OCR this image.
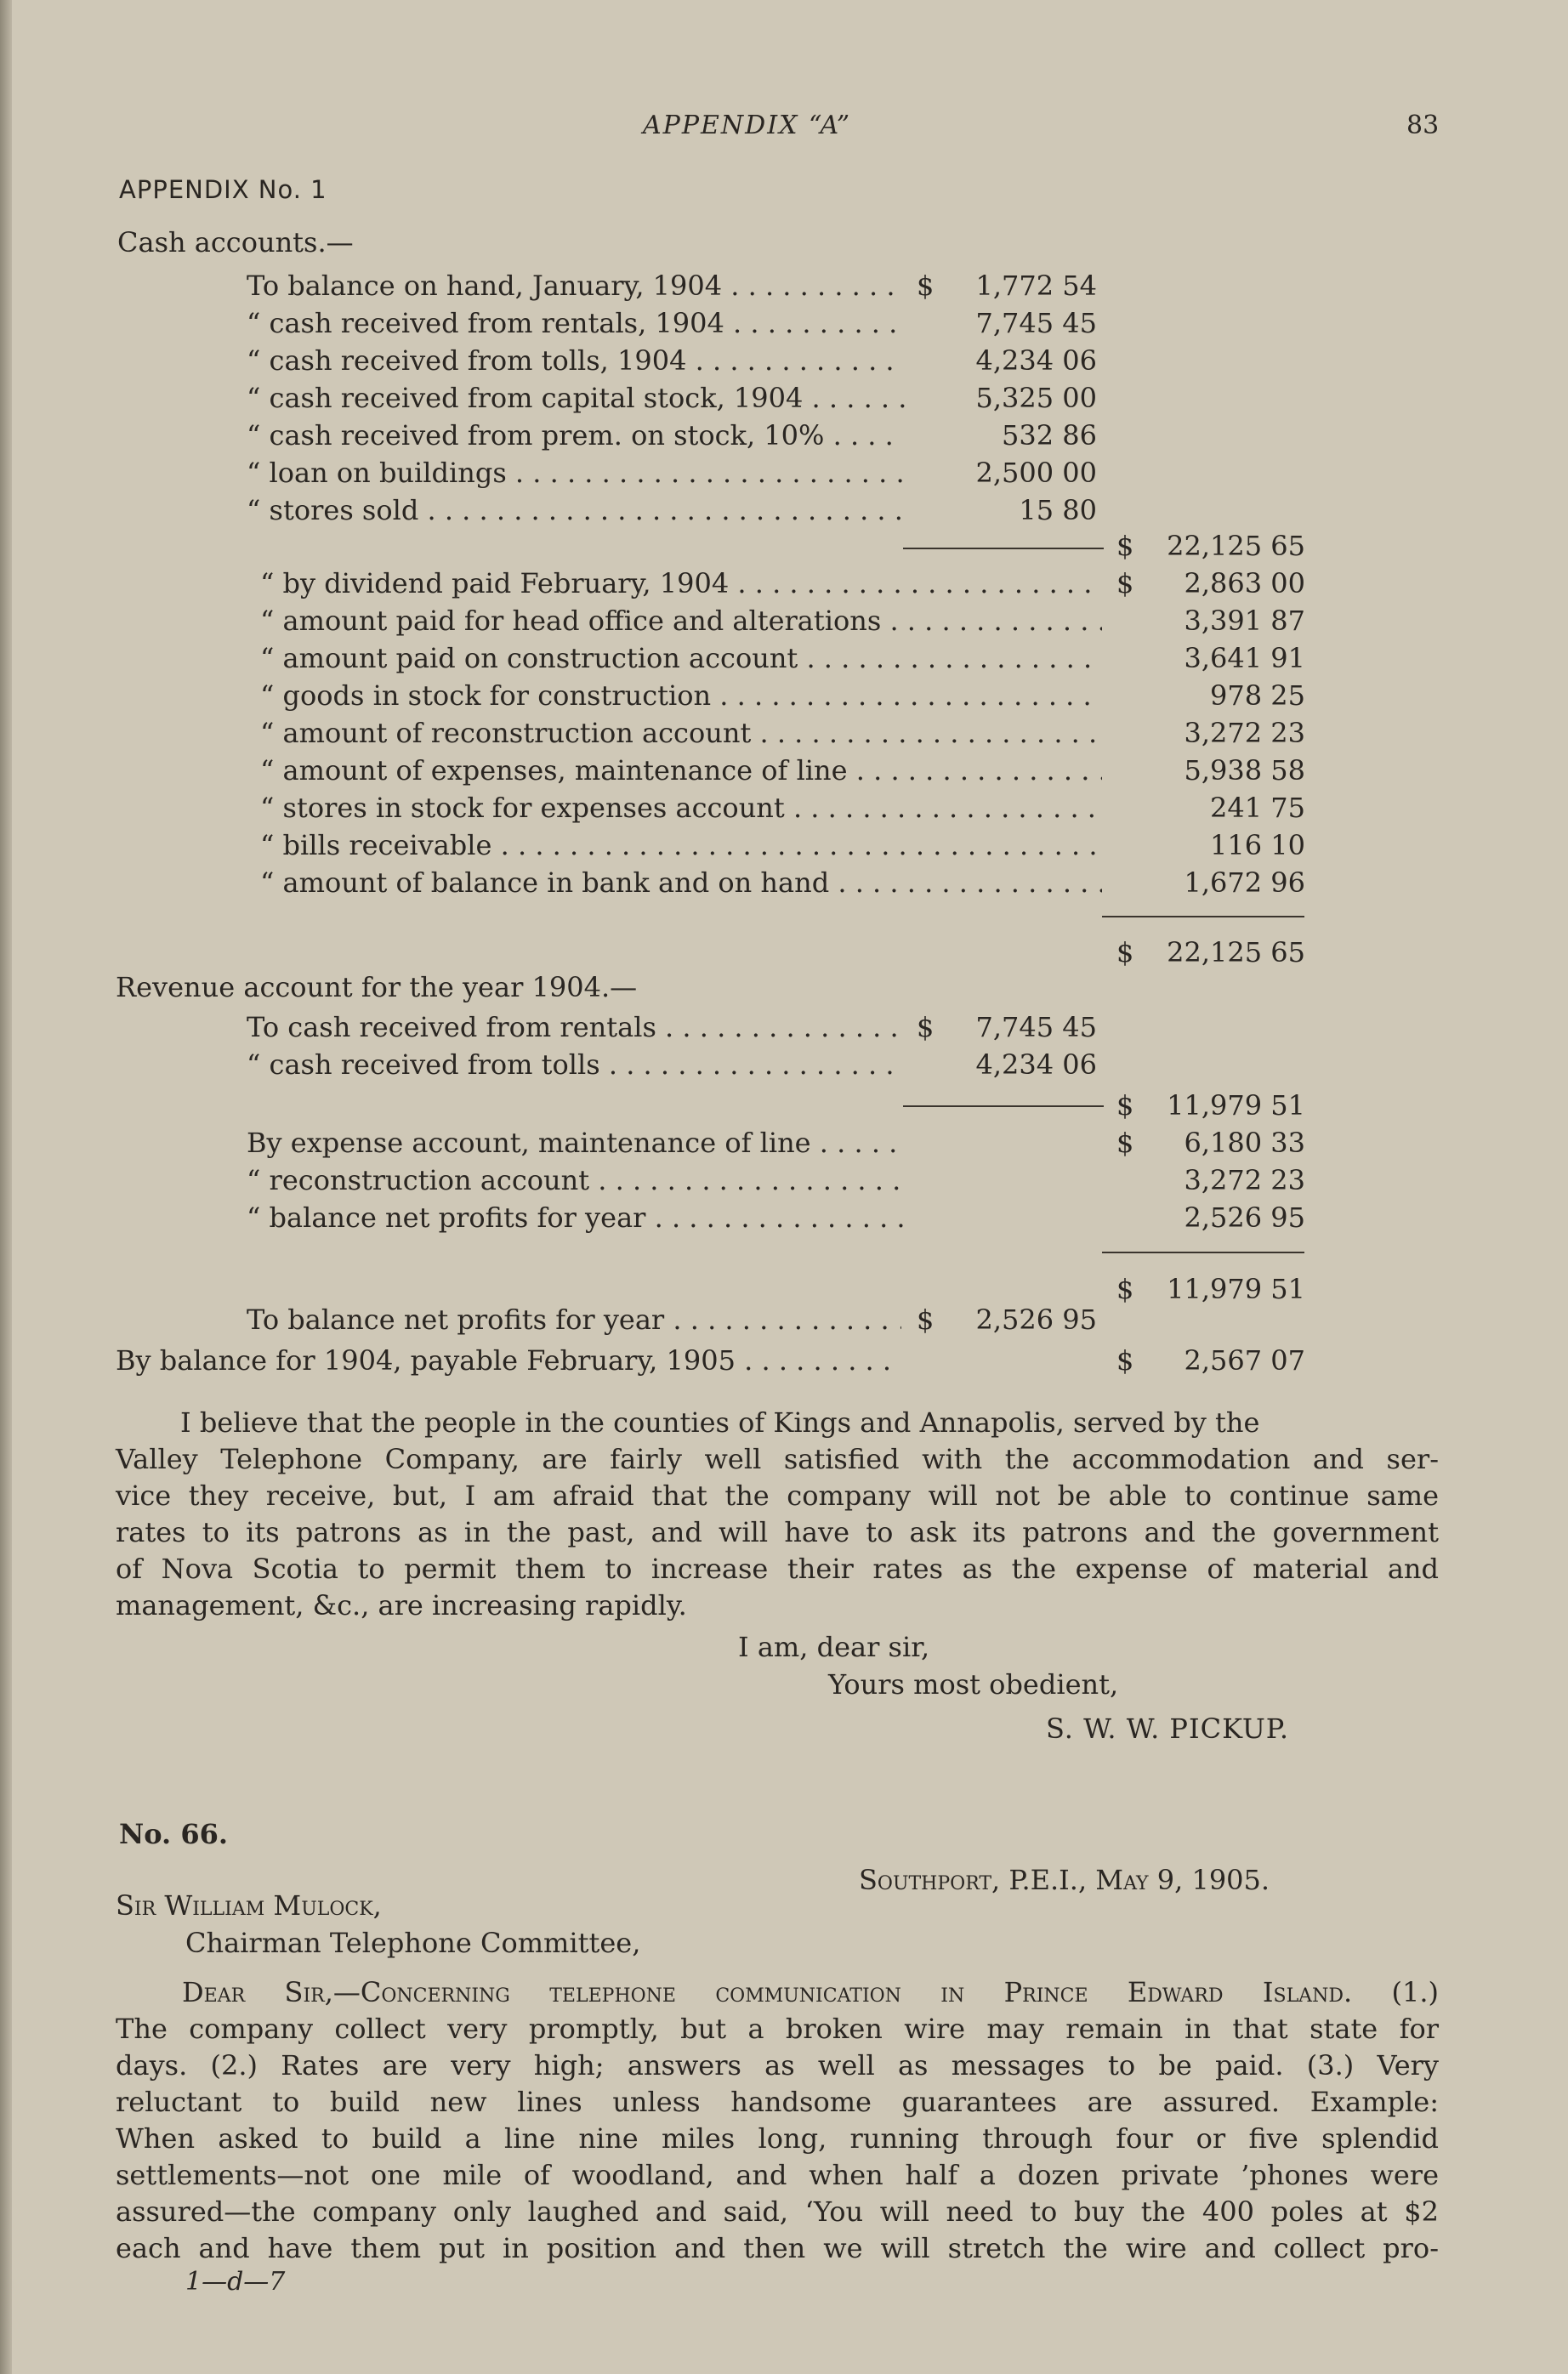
APPENDIX “A”	83
APPENDIX No. 1
Cash accounts.—
To balance on hand, January, 1904 . . .	$	1,772 54
“ cash received from rentals, 1904 . . .	7,745 45
“ cash received from tolls, 1904 . . .	4,234 06
“ cash received from capital stock, 1904 . . .	5,325 00
“ cash received from prem. on stock, 10% . . .	532 86
“ loan on buildings . . .	2,500 00
“ stores sold . . .	15 80
$	22,125 65
“ by dividend paid February, 1904 . . .	$	2,863 00
“ amount paid for head office and alterations . . .	3,391 87
“ amount paid on construction account . . .	3,641 91
“ goods in stock for construction . . .	978 25
“ amount of reconstruction account . . .	3,272 23
“ amount of expenses, maintenance of line . . .	5,938 58
“ stores in stock for expenses account . . .	241 75
“ bills receivable . . .	116 10
“ amount of balance in bank and on hand . . .	1,672 96
$	22,125 65
Revenue account for the year 1904.—
To cash received from rentals . . .	$	7,745 45
“ cash received from tolls . . .	4,234 06
$	11,979 51
By expense account, maintenance of line . . .	$	6,180 33
“ reconstruction account . . .	3,272 23
“ balance net profits for year . . .	2,526 95
$	11,979 51
To balance net profits for year . . .	$	2,526 95
By balance for 1904, payable February, 1905 . . .	$	2,567 07
I believe that the people in the counties of Kings and Annapolis, served by the
Valley Telephone Company, are fairly well satisfied with the accommodation and ser-
vice they receive, but, I am afraid that the company will not be able to continue same
rates to its patrons as in the past, and will have to ask its patrons and the government
of Nova Scotia to permit them to increase their rates as the expense of material and
management, &c., are increasing rapidly.
I am, dear sir,
Yours most obedient,
S. W. W. PICKUP.
No. 66.
Southport, P.E.I., May 9, 1905.
Sir William Mulock,
Chairman Telephone Committee,
Dear Sir,—Concerning telephone communication in Prince Edward Island. (1.)
The company collect very promptly, but a broken wire may remain in that state for
days. (2.) Rates are very high; answers as well as messages to be paid. (3.) Very
reluctant to build new lines unless handsome guarantees are assured. Example:
When asked to build a line nine miles long, running through four or five splendid
settlements—not one mile of woodland, and when half a dozen private ’phones were
assured—the company only laughed and said, ‘You will need to buy the 400 poles at $2
each and have them put in position and then we will stretch the wire and collect pro-
1—d—7
